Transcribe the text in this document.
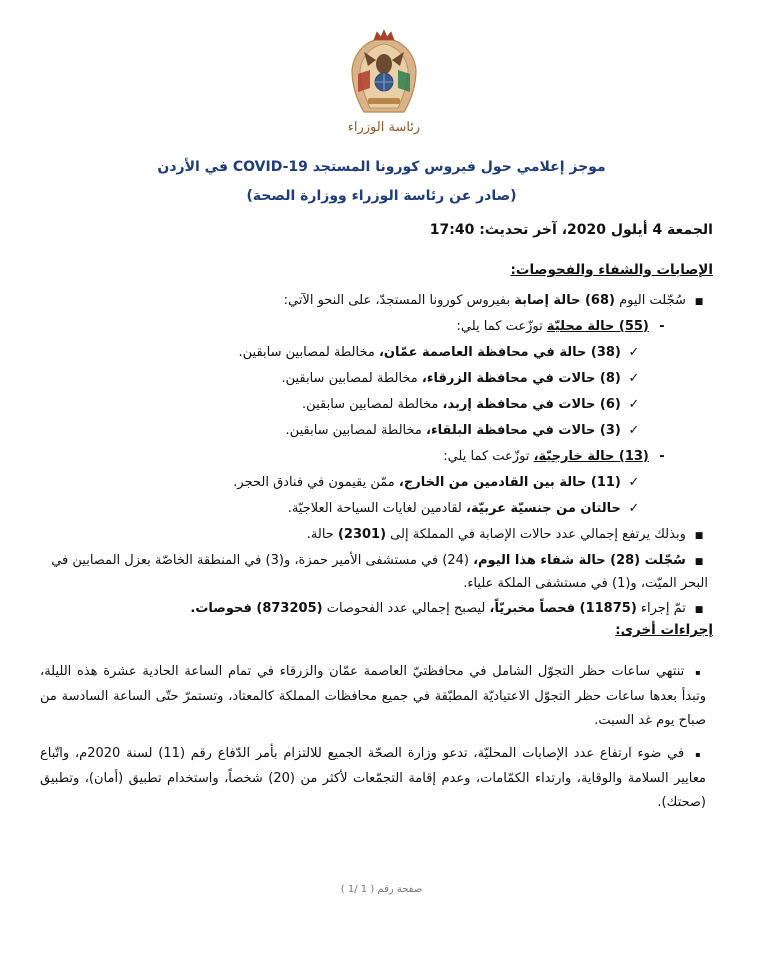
رئاسة الوزراء
موجز إعلامي حول فيروس كورونا المستجد COVID-19 في الأردن
(صادر عن رئاسة الوزراء ووزارة الصحة)
الجمعة 4 أيلول 2020، آخر تحديث: 17:40
الإصابات والشفاء والفحوصات:
■ سُجّلت اليوم (68) حالة إصابة بفيروس كورونا المستجدّ، على النحو الآتي:
- (55) حالة محليّة توزّعت كما يلي:
✓ (38) حالة في محافظة العاصمة عمّان، مخالطة لمصابين سابقين.
✓ (8) حالات في محافظة الزرقاء، مخالطة لمصابين سابقين.
✓ (6) حالات في محافظة إربد، مخالطة لمصابين سابقين.
✓ (3) حالات في محافظة البلقاء، مخالطة لمصابين سابقين.
- (13) حالة خارجيّة، توزّعت كما يلي:
✓ (11) حالة بين القادمين من الخارج، ممّن يقيمون في فنادق الحجر.
✓ حالتان من جنسيّة عربيّة، لقادمين لغايات السياحة العلاجيّة.
■ وبذلك يرتفع إجمالي عدد حالات الإصابة في المملكة إلى (2301) حالة.
■ سُجّلت (28) حالة شفاء هذا اليوم، (24) في مستشفى الأمير حمزة، و(3) في المنطقة الخاصّة بعزل المصابين في البحر الميّت، و(1) في مستشفى الملكة علياء.
■ تمّ إجراء (11875) فحصاً مخبريّاً، ليصبح إجمالي عدد الفحوصات (873205) فحوصات.
إجراءات أخرى:
▪ تنتهي ساعات حظر التجوّل الشامل في محافظتيّ العاصمة عمّان والزرقاء في تمام الساعة الحادية عشرة هذه الليلة، وتبدأ بعدها ساعات حظر التجوّل الاعتياديّة المطبّقة في جميع محافظات المملكة كالمعتاد، وتستمرّ حتّى الساعة السادسة من صباح يوم غد السبت.
▪ في ضوء ارتفاع عدد الإصابات المحليّة، تدعو وزارة الصحّة الجميع للالتزام بأمر الدّفاع رقم (11) لسنة 2020م، واتّباع معايير السلامة والوقاية، وارتداء الكمّامات، وعدم إقامة التجمّعات لأكثر من (20) شخصاً، واستخدام تطبيق (أمان)، وتطبيق (صحتك).
صفحة رقم ( 1 /1 )
